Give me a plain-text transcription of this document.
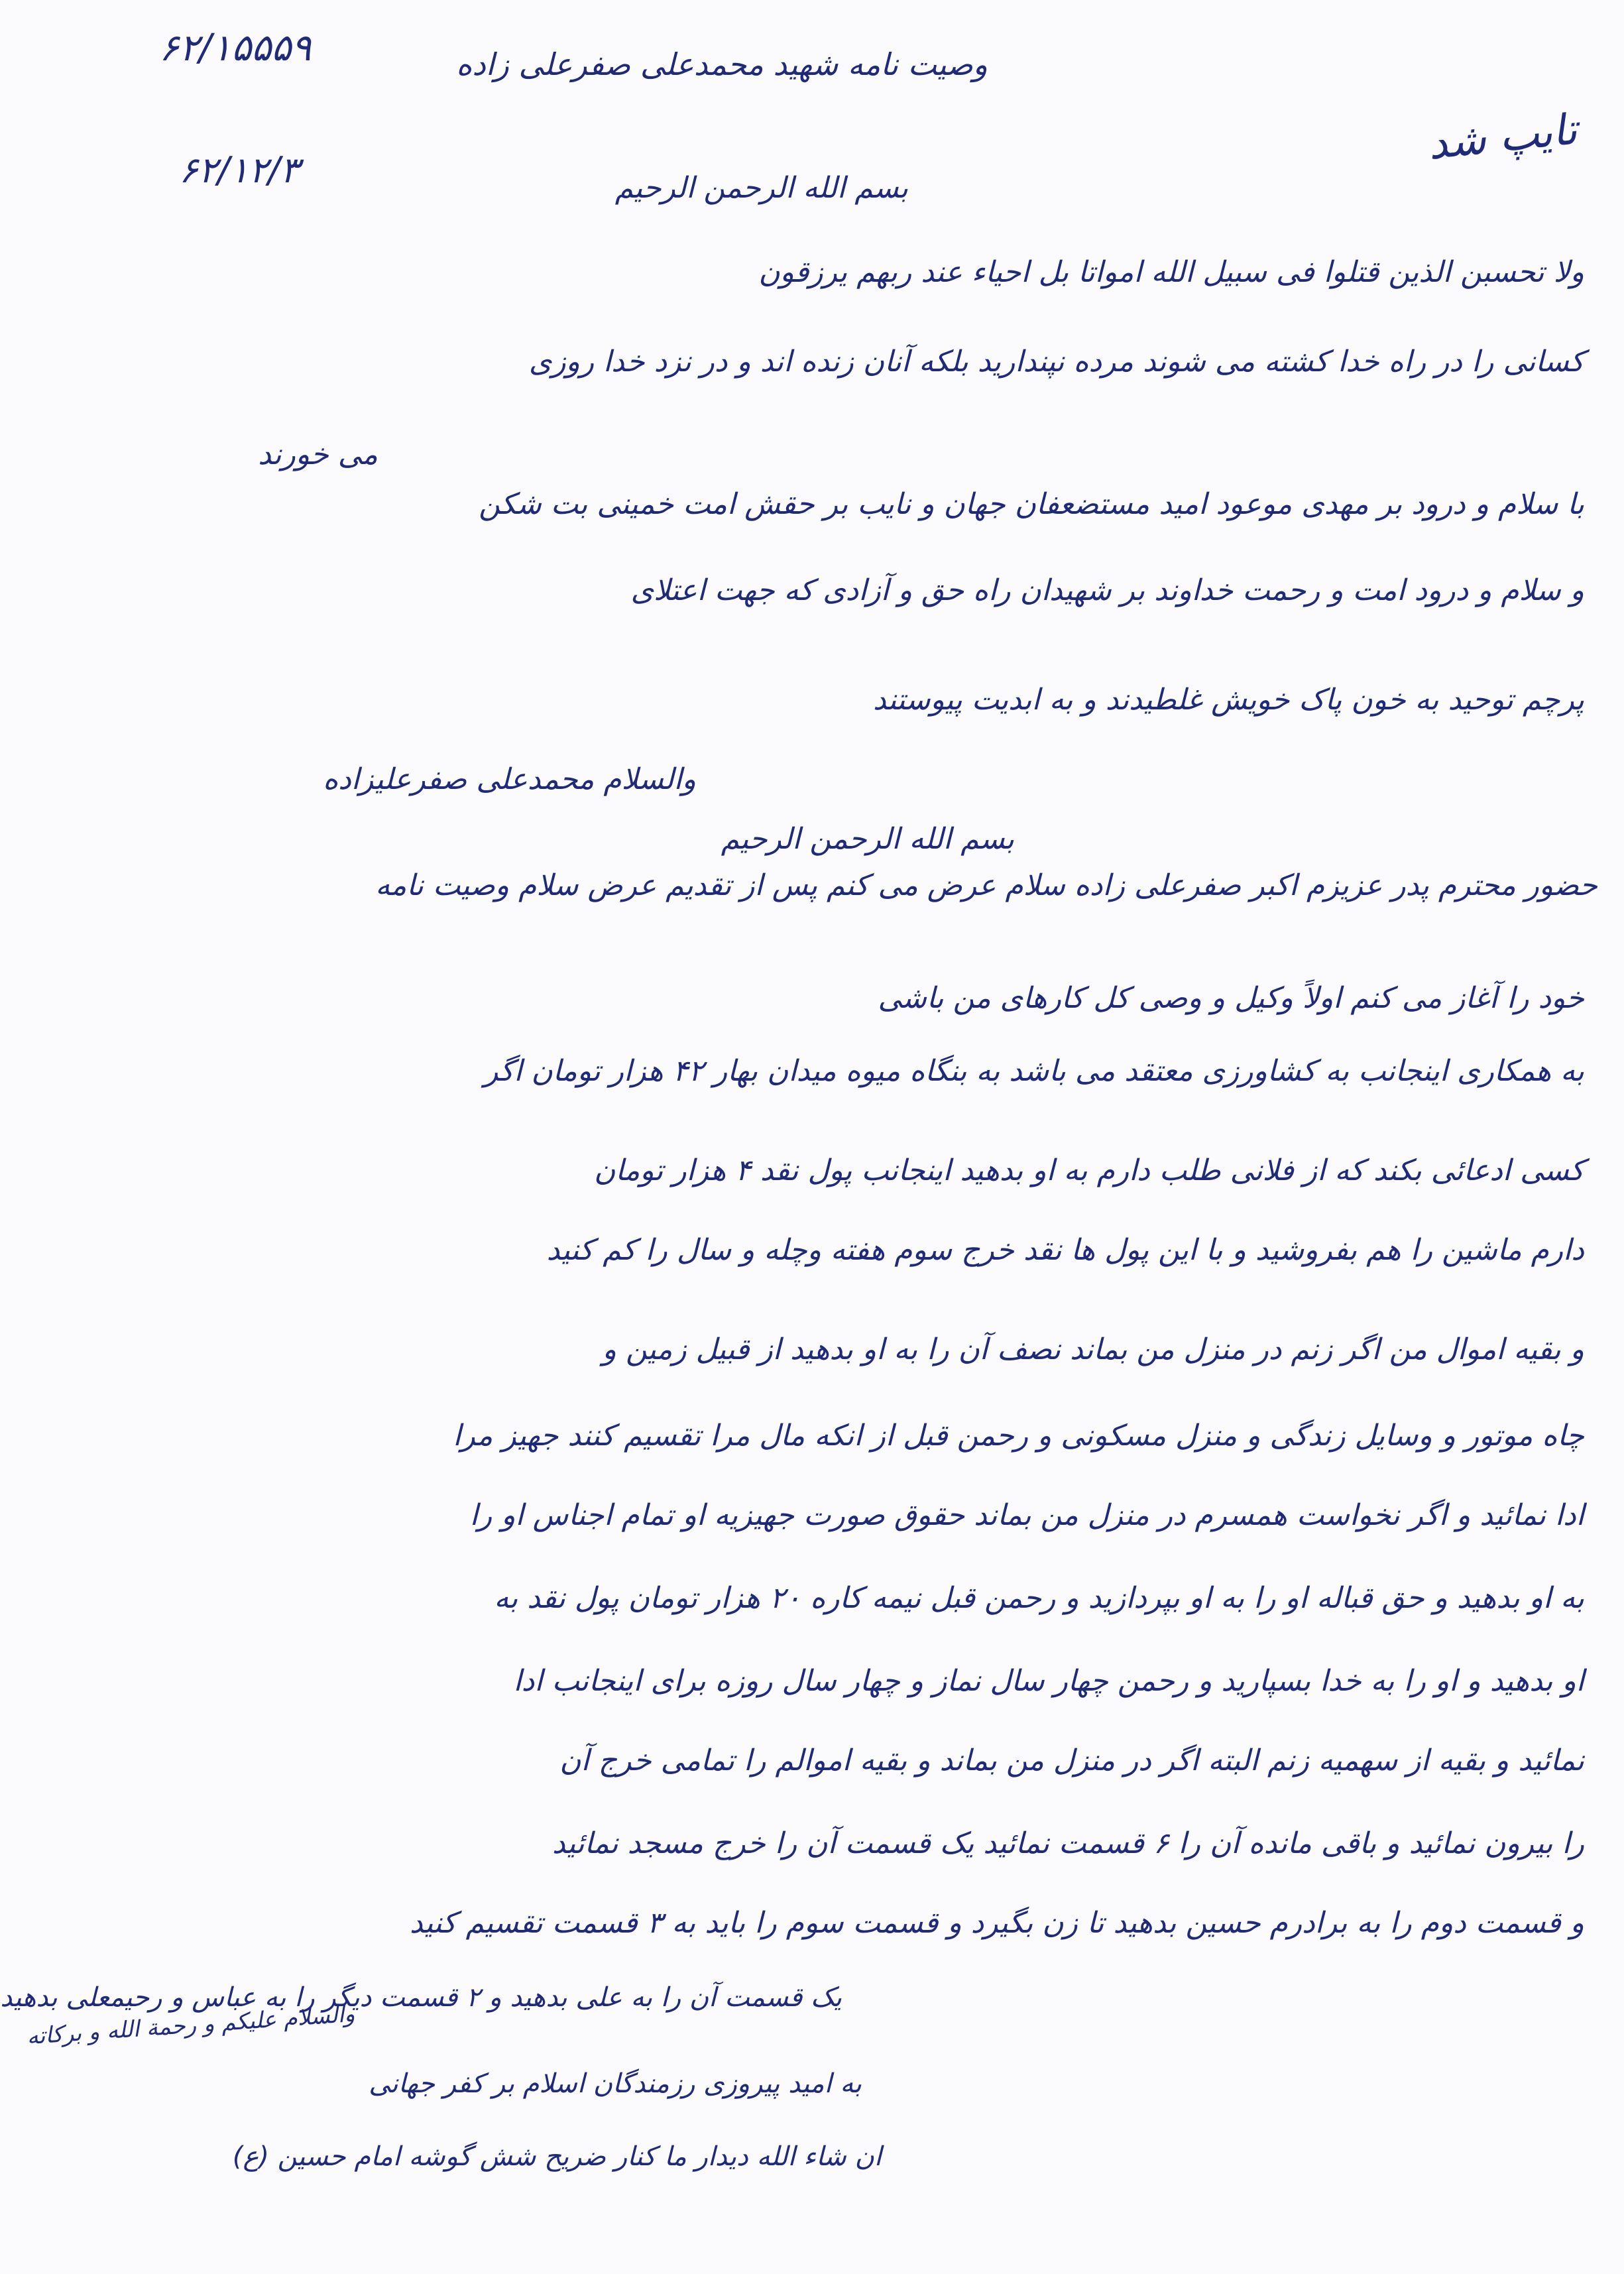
۶۲/۱۵۵۵۹	وصیت نامه شهید محمدعلی صفرعلی زاده
تایپ شد
۶۲/۱۲/۳	بسم الله الرحمن الرحیم
ولا تحسبن الذین قتلوا فی سبیل الله امواتا بل احیاء عند ربهم یرزقون
کسانی را در راه خدا کشته می شوند مرده نپندارید بلکه آنان زنده اند و در نزد خدا روزی
می خورند
با سلام و درود بر مهدی موعود امید مستضعفان جهان و نایب بر حقش امت خمینی بت شکن
و سلام و درود امت و رحمت خداوند بر شهیدان راه حق و آزادی که جهت اعتلای
پرچم توحید به خون پاک خویش غلطیدند و به ابدیت پیوستند
والسلام محمدعلی صفرعلیزاده
بسم الله الرحمن الرحیم
حضور محترم پدر عزیزم اکبر صفرعلی زاده سلام عرض می کنم پس از تقدیم عرض سلام وصیت نامه
خود را آغاز می کنم اولاً وکیل و وصی کل کارهای من باشی
به همکاری اینجانب به کشاورزی معتقد می باشد به بنگاه میوه میدان بهار ۴۲ هزار تومان اگر
کسی ادعائی بکند که از فلانی طلب دارم به او بدهید اینجانب پول نقد ۴ هزار تومان
دارم ماشین را هم بفروشید و با این پول ها نقد خرج سوم هفته وچله و سال را کم کنید
و بقیه اموال من اگر زنم در منزل من بماند نصف آن را به او بدهید از قبیل زمین و
چاه موتور و وسایل زندگی و منزل مسکونی و رحمن قبل از انکه مال مرا تقسیم کنند جهیز مرا
ادا نمائید و اگر نخواست همسرم در منزل من بماند حقوق صورت جهیزیه او تمام اجناس او را
به او بدهید و حق قباله او را به او بپردازید و رحمن قبل نیمه کاره ۲۰ هزار تومان پول نقد به
او بدهید و او را به خدا بسپارید و رحمن چهار سال نماز و چهار سال روزه برای اینجانب ادا
نمائید و بقیه از سهمیه زنم البته اگر در منزل من بماند و بقیه اموالم را تمامی خرج آن
را بیرون نمائید و باقی مانده آن را ۶ قسمت نمائید یک قسمت آن را خرج مسجد نمائید
و قسمت دوم را به برادرم حسین بدهید تا زن بگیرد و قسمت سوم را باید به ۳ قسمت تقسیم کنید
یک قسمت آن را به علی بدهید و ۲ قسمت دیگر را به عباس و رحیمعلی بدهید
به امید پیروزی رزمندگان اسلام بر کفر جهانی
ان شاء الله دیدار ما کنار ضریح شش گوشه امام حسین (ع)
والسلام علیکم و رحمة الله و برکاته
